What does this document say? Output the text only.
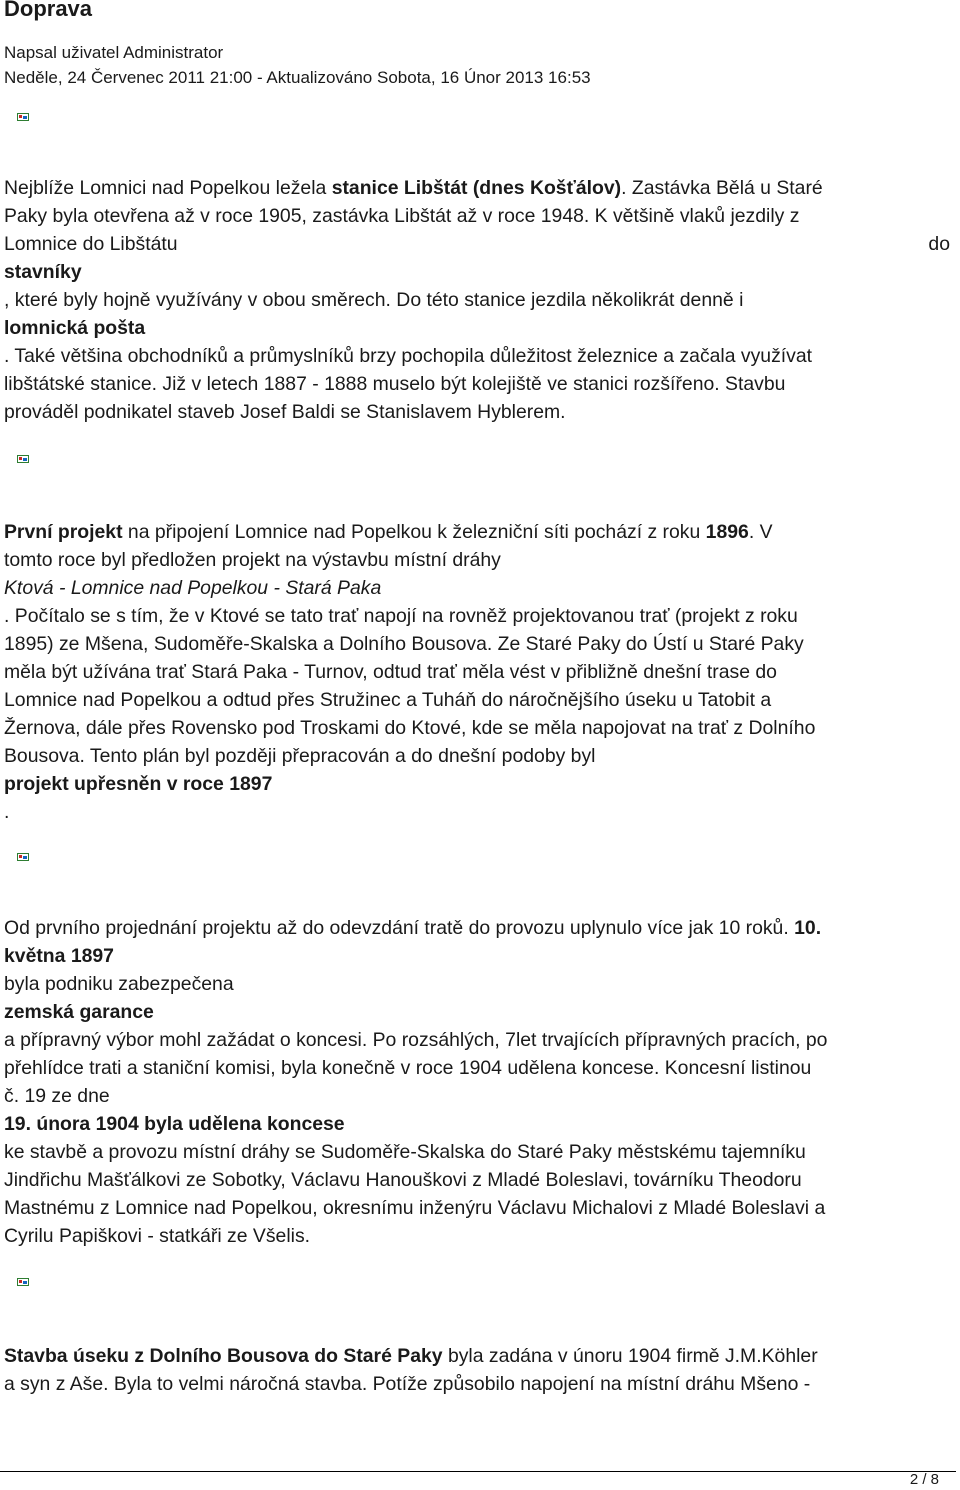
Doprava
Napsal uživatel Administrator
Neděle, 24 Červenec 2011 21:00 - Aktualizováno Sobota, 16 Únor 2013 16:53
Nejblíže Lomnici nad Popelkou ležela stanice Libštát (dnes Košťálov). Zastávka Bělá u Staré
Paky byla otevřena až v roce 1905, zastávka Libštát až v roce 1948. K většině vlaků jezdily z
Lomnice do Libštátu	do
stavníky
, které byly hojně využívány v obou směrech. Do této stanice jezdila několikrát denně i
lomnická pošta
. Také většina obchodníků a průmyslníků brzy pochopila důležitost železnice a začala využívat
libštátské stanice. Již v letech 1887 - 1888 muselo být kolejiště ve stanici rozšířeno. Stavbu
prováděl podnikatel staveb Josef Baldi se Stanislavem Hyblerem.
První projekt na připojení Lomnice nad Popelkou k železniční síti pochází z roku 1896. V
tomto roce byl předložen projekt na výstavbu místní dráhy
Ktová - Lomnice nad Popelkou - Stará Paka
. Počítalo se s tím, že v Ktové se tato trať napojí na rovněž projektovanou trať (projekt z roku
1895) ze Mšena, Sudoměře-Skalska a Dolního Bousova. Ze Staré Paky do Ústí u Staré Paky
měla být užívána trať Stará Paka - Turnov, odtud trať měla vést v přibližně dnešní trase do
Lomnice nad Popelkou a odtud přes Stružinec a Tuháň do náročnějšího úseku u Tatobit a
Žernova, dále přes Rovensko pod Troskami do Ktové, kde se měla napojovat na trať z Dolního
Bousova. Tento plán byl později přepracován a do dnešní podoby byl
projekt upřesněn v roce 1897
.
Od prvního projednání projektu až do odevzdání tratě do provozu uplynulo více jak 10 roků. 10.
května 1897
byla podniku zabezpečena
zemská garance
a přípravný výbor mohl zažádat o koncesi. Po rozsáhlých, 7let trvajících přípravných pracích, po
přehlídce trati a staniční komisi, byla konečně v roce 1904 udělena koncese. Koncesní listinou
č. 19 ze dne
19. února 1904 byla udělena koncese
ke stavbě a provozu místní dráhy se Sudoměře-Skalska do Staré Paky městskému tajemníku
Jindřichu Mašťálkovi ze Sobotky, Václavu Hanouškovi z Mladé Boleslavi, továrníku Theodoru
Mastnému z Lomnice nad Popelkou, okresnímu inženýru Václavu Michalovi z Mladé Boleslavi a
Cyrilu Papiškovi - statkáři ze Všelis.
Stavba úseku z Dolního Bousova do Staré Paky byla zadána v únoru 1904 firmě J.M.Köhler
a syn z Aše. Byla to velmi náročná stavba. Potíže způsobilo napojení na místní dráhu Mšeno -
2 / 8
